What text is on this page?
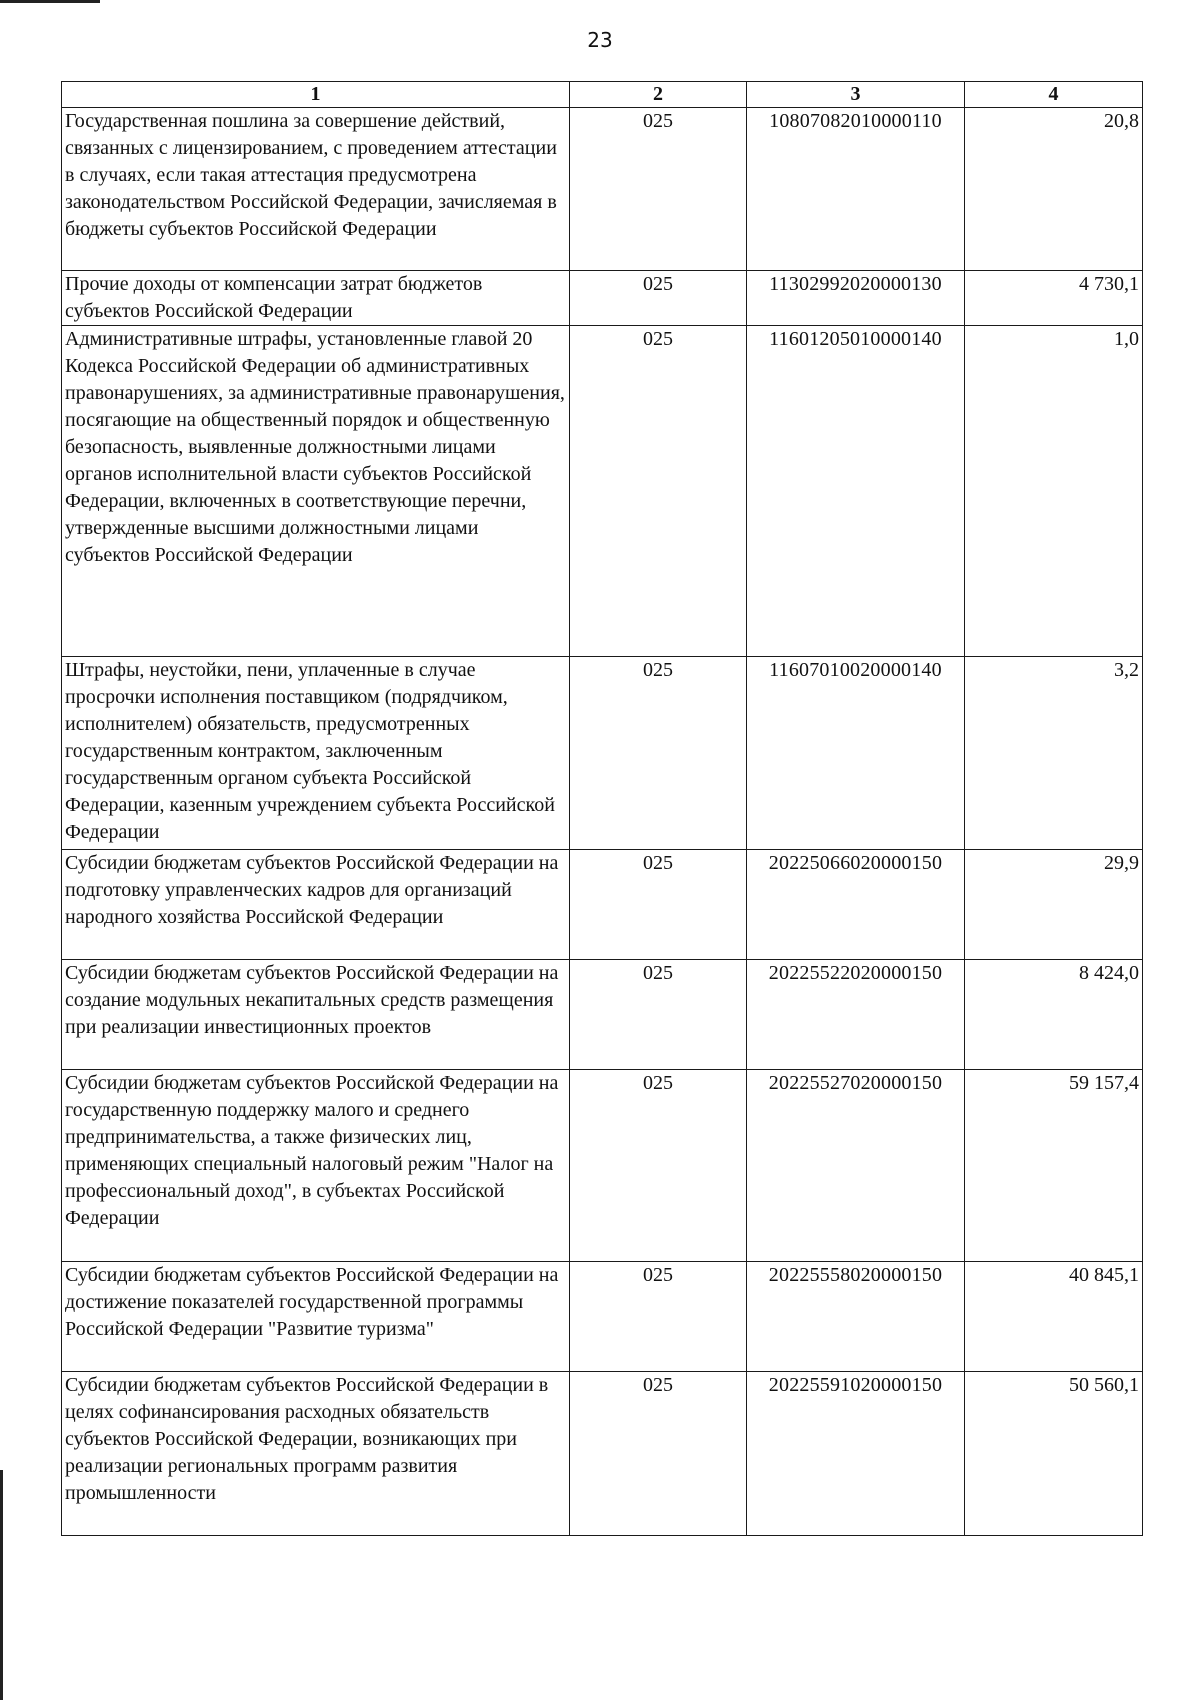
23
1	2	3	4
Государственная пошлина за совершение действий, связанных с лицензированием, с проведением аттестации в случаях, если такая аттестация предусмотрена законодательством Российской Федерации, зачисляемая в бюджеты субъектов Российской Федерации	025	10807082010000110	20,8
Прочие доходы от компенсации затрат бюджетов субъектов Российской Федерации	025	11302992020000130	4 730,1
Административные штрафы, установленные главой 20 Кодекса Российской Федерации об административных правонарушениях, за административные правонарушения, посягающие на общественный порядок и общественную безопасность, выявленные должностными лицами органов исполнительной власти субъектов Российской Федерации, включенных в соответствующие перечни, утвержденные высшими должностными лицами субъектов Российской Федерации	025	11601205010000140	1,0
Штрафы, неустойки, пени, уплаченные в случае просрочки исполнения поставщиком (подрядчиком, исполнителем) обязательств, предусмотренных государственным контрактом, заключенным государственным органом субъекта Российской Федерации, казенным учреждением субъекта Российской Федерации	025	11607010020000140	3,2
Субсидии бюджетам субъектов Российской Федерации на подготовку управленческих кадров для организаций народного хозяйства Российской Федерации	025	20225066020000150	29,9
Субсидии бюджетам субъектов Российской Федерации на создание модульных некапитальных средств размещения при реализации инвестиционных проектов	025	20225522020000150	8 424,0
Субсидии бюджетам субъектов Российской Федерации на государственную поддержку малого и среднего предпринимательства, а также физических лиц, применяющих специальный налоговый режим "Налог на профессиональный доход", в субъектах Российской Федерации	025	20225527020000150	59 157,4
Субсидии бюджетам субъектов Российской Федерации на достижение показателей государственной программы Российской Федерации "Развитие туризма"	025	20225558020000150	40 845,1
Субсидии бюджетам субъектов Российской Федерации в целях софинансирования расходных обязательств субъектов Российской Федерации, возникающих при реализации региональных программ развития промышленности	025	20225591020000150	50 560,1
